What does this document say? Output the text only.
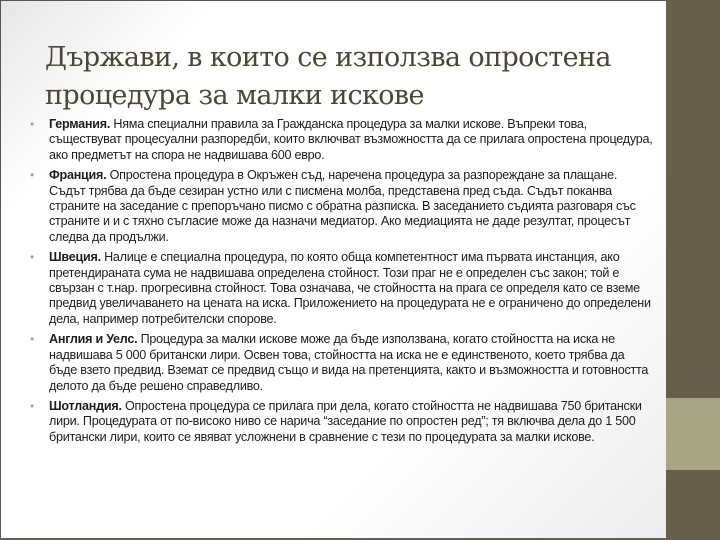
Държави, в които се използва опростена процедура за малки искове
• Германия. Няма специални правила за Гражданска процедура за малки искове. Въпреки това, съществуват процесуални разпоредби, които включват възможността да се прилага опростена процедура, ако предметът на спора не надвишава 600 евро.
• Франция. Опростена процедура в Окръжен съд, наречена процедура за разпореждане за плащане. Съдът трябва да бъде сезиран устно или с писмена молба, представена пред съда. Съдът поканва страните на заседание с препоръчано писмо с обратна разписка. В заседанието съдията разговаря със страните и и с тяхно съгласие може да назначи медиатор. Ако медиацията не даде резултат, процесът следва да продължи.
• Швеция. Налице е специална процедура, по която обща компетентност има първата инстанция, ако претендираната сума не надвишава определена стойност. Този праг не е определен със закон; той е свързан с т.нар. прогресивна стойност. Това означава, че стойността на прага се определя като се вземе предвид увеличаването на цената на иска. Приложението на процедурата не е ограничено до определени дела, например потребителски спорове.
• Англия и Уелс. Процедура за малки искове може да бъде използвана, когато стойността на иска не надвишава 5 000 британски лири. Освен това, стойността на иска не е единственото, което трябва да бъде взето предвид. Вземат се предвид също и вида на претенцията, както и възможността и готовността делото да бъде решено справедливо.
• Шотландия. Опростена процедура се прилага при дела, когато стойността не надвишава 750 британски лири. Процедурата от по-високо ниво се нарича “заседание по опростен ред”; тя включва дела до 1 500 британски лири, които се явяват усложнени в сравнение с тези по процедурата за малки искове.
